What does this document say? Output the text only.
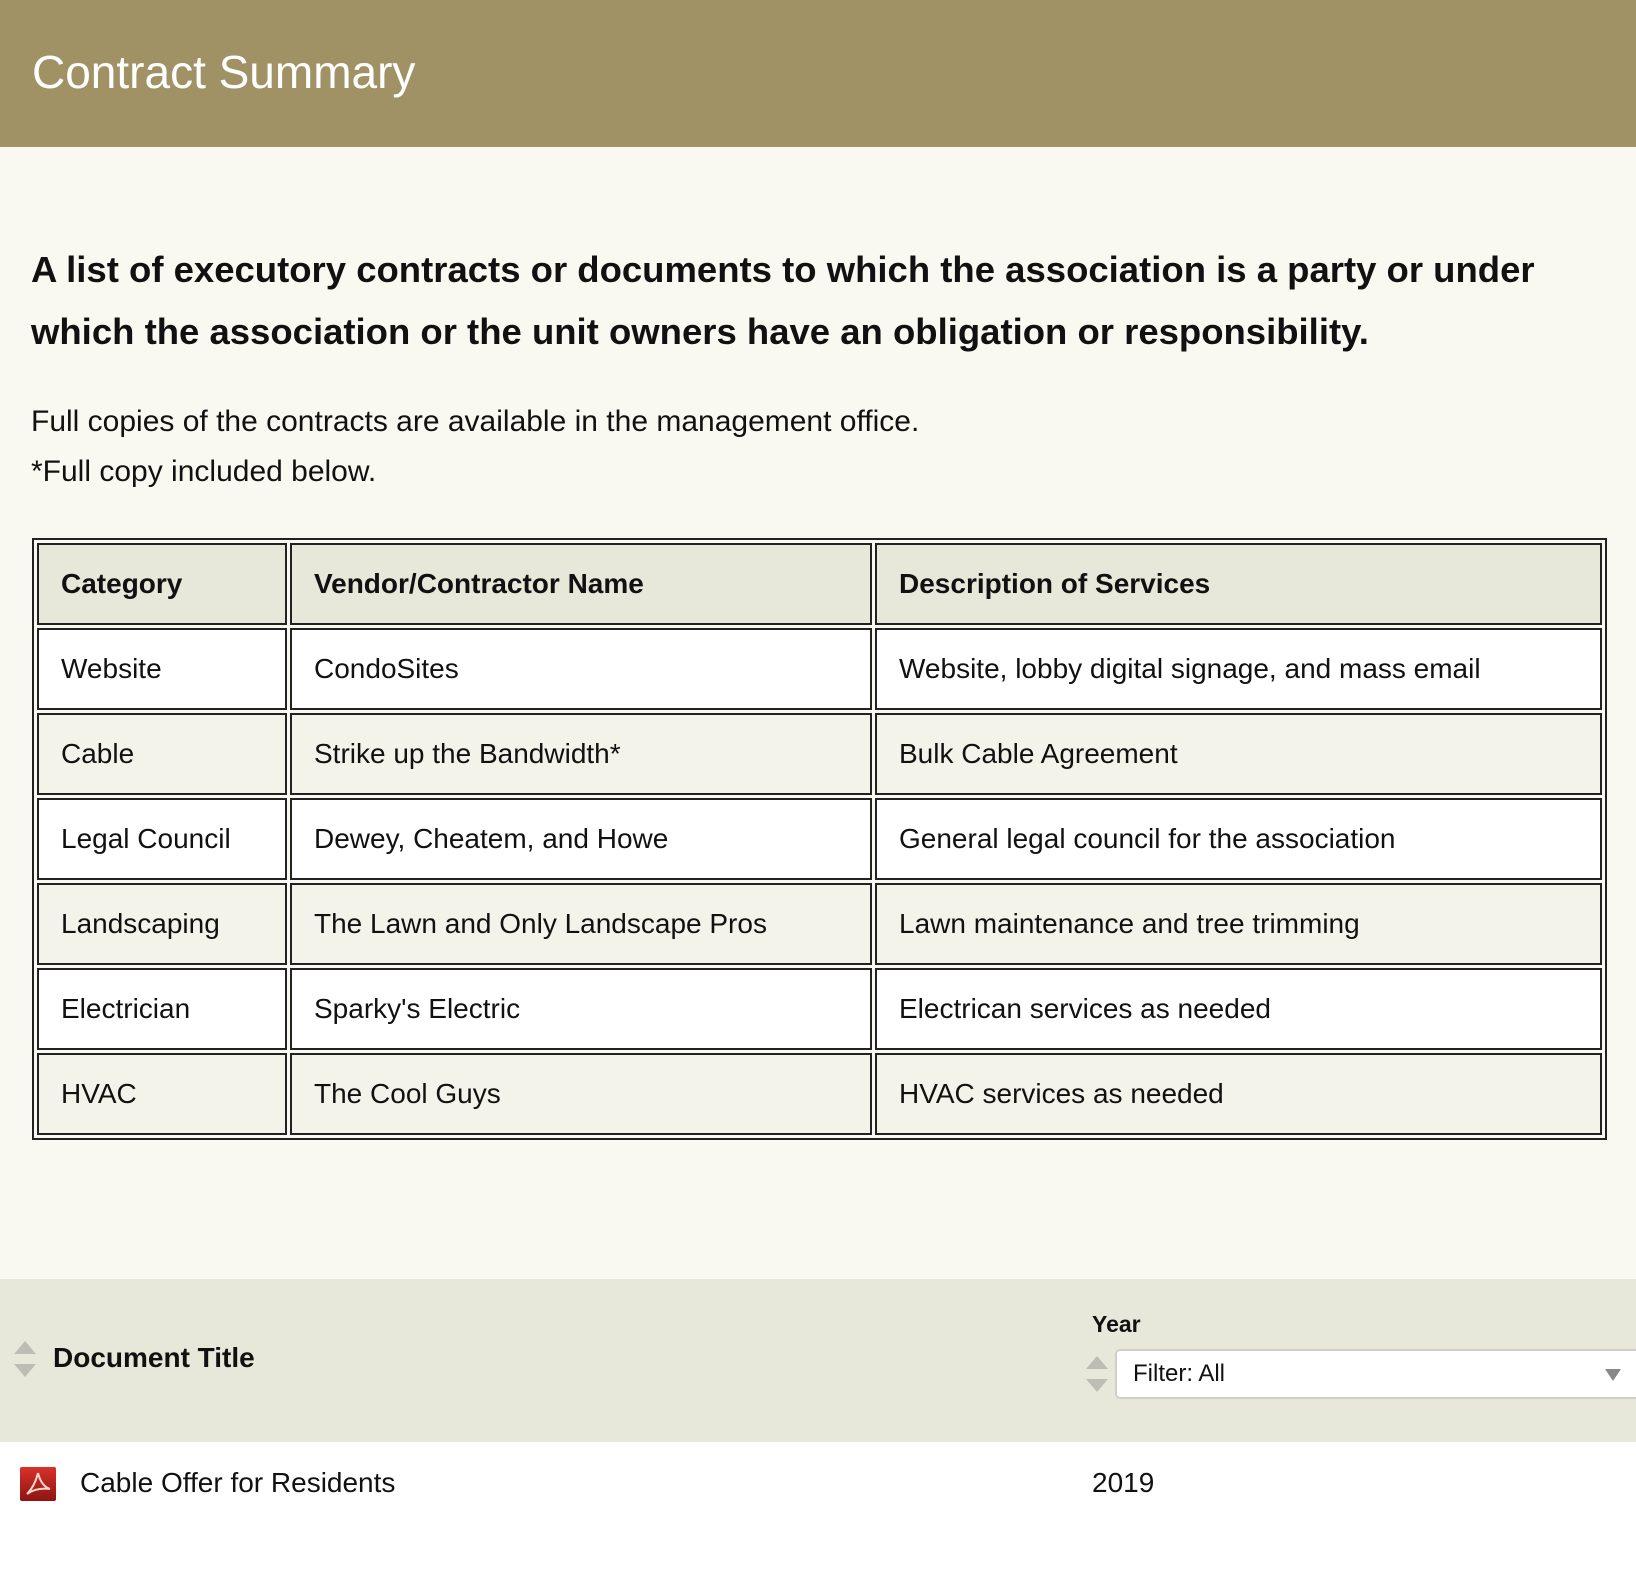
Contract Summary

A list of executory contracts or documents to which the association is a party or under which the association or the unit owners have an obligation or responsibility.

Full copies of the contracts are available in the management office.

*Full copy included below.

Category	Vendor/Contractor Name	Description of Services
Website	CondoSites	Website, lobby digital signage, and mass email
Cable	Strike up the Bandwidth*	Bulk Cable Agreement
Legal Council	Dewey, Cheatem, and Howe	General legal council for the association
Landscaping	The Lawn and Only Landscape Pros	Lawn maintenance and tree trimming
Electrician	Sparky's Electric	Electrican services as needed
HVAC	The Cool Guys	HVAC services as needed
Document Title
Year
Filter: All
Cable Offer for Residents	2019
